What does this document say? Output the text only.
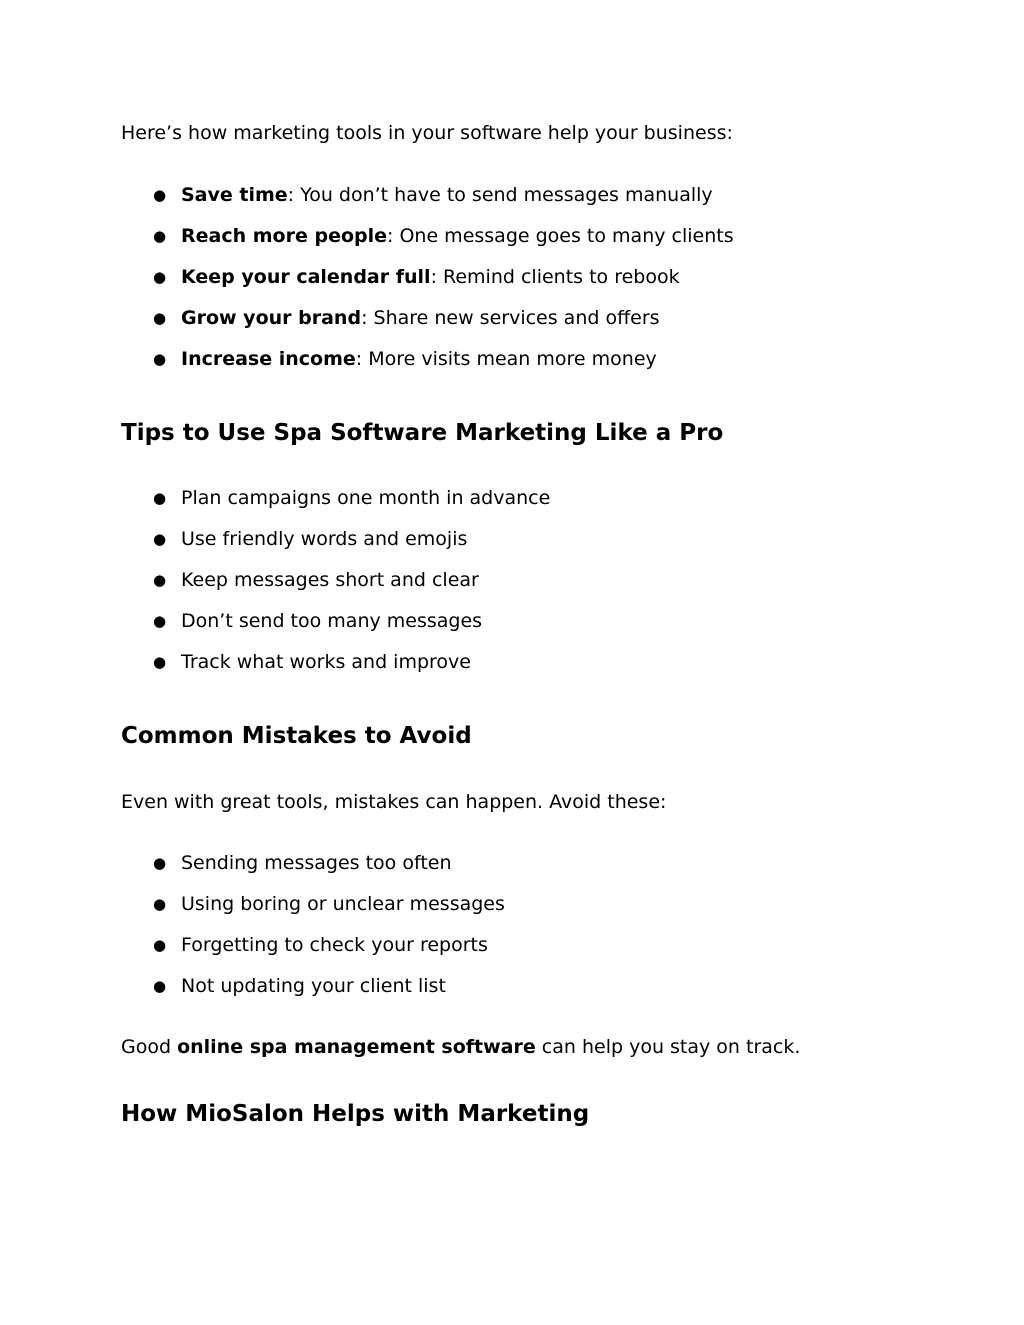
Here’s how marketing tools in your software help your business:
● Save time: You don’t have to send messages manually
● Reach more people: One message goes to many clients
● Keep your calendar full: Remind clients to rebook
● Grow your brand: Share new services and offers
● Increase income: More visits mean more money
Tips to Use Spa Software Marketing Like a Pro
● Plan campaigns one month in advance
● Use friendly words and emojis
● Keep messages short and clear
● Don’t send too many messages
● Track what works and improve
Common Mistakes to Avoid
Even with great tools, mistakes can happen. Avoid these:
● Sending messages too often
● Using boring or unclear messages
● Forgetting to check your reports
● Not updating your client list
Good online spa management software can help you stay on track.
How MioSalon Helps with Marketing
